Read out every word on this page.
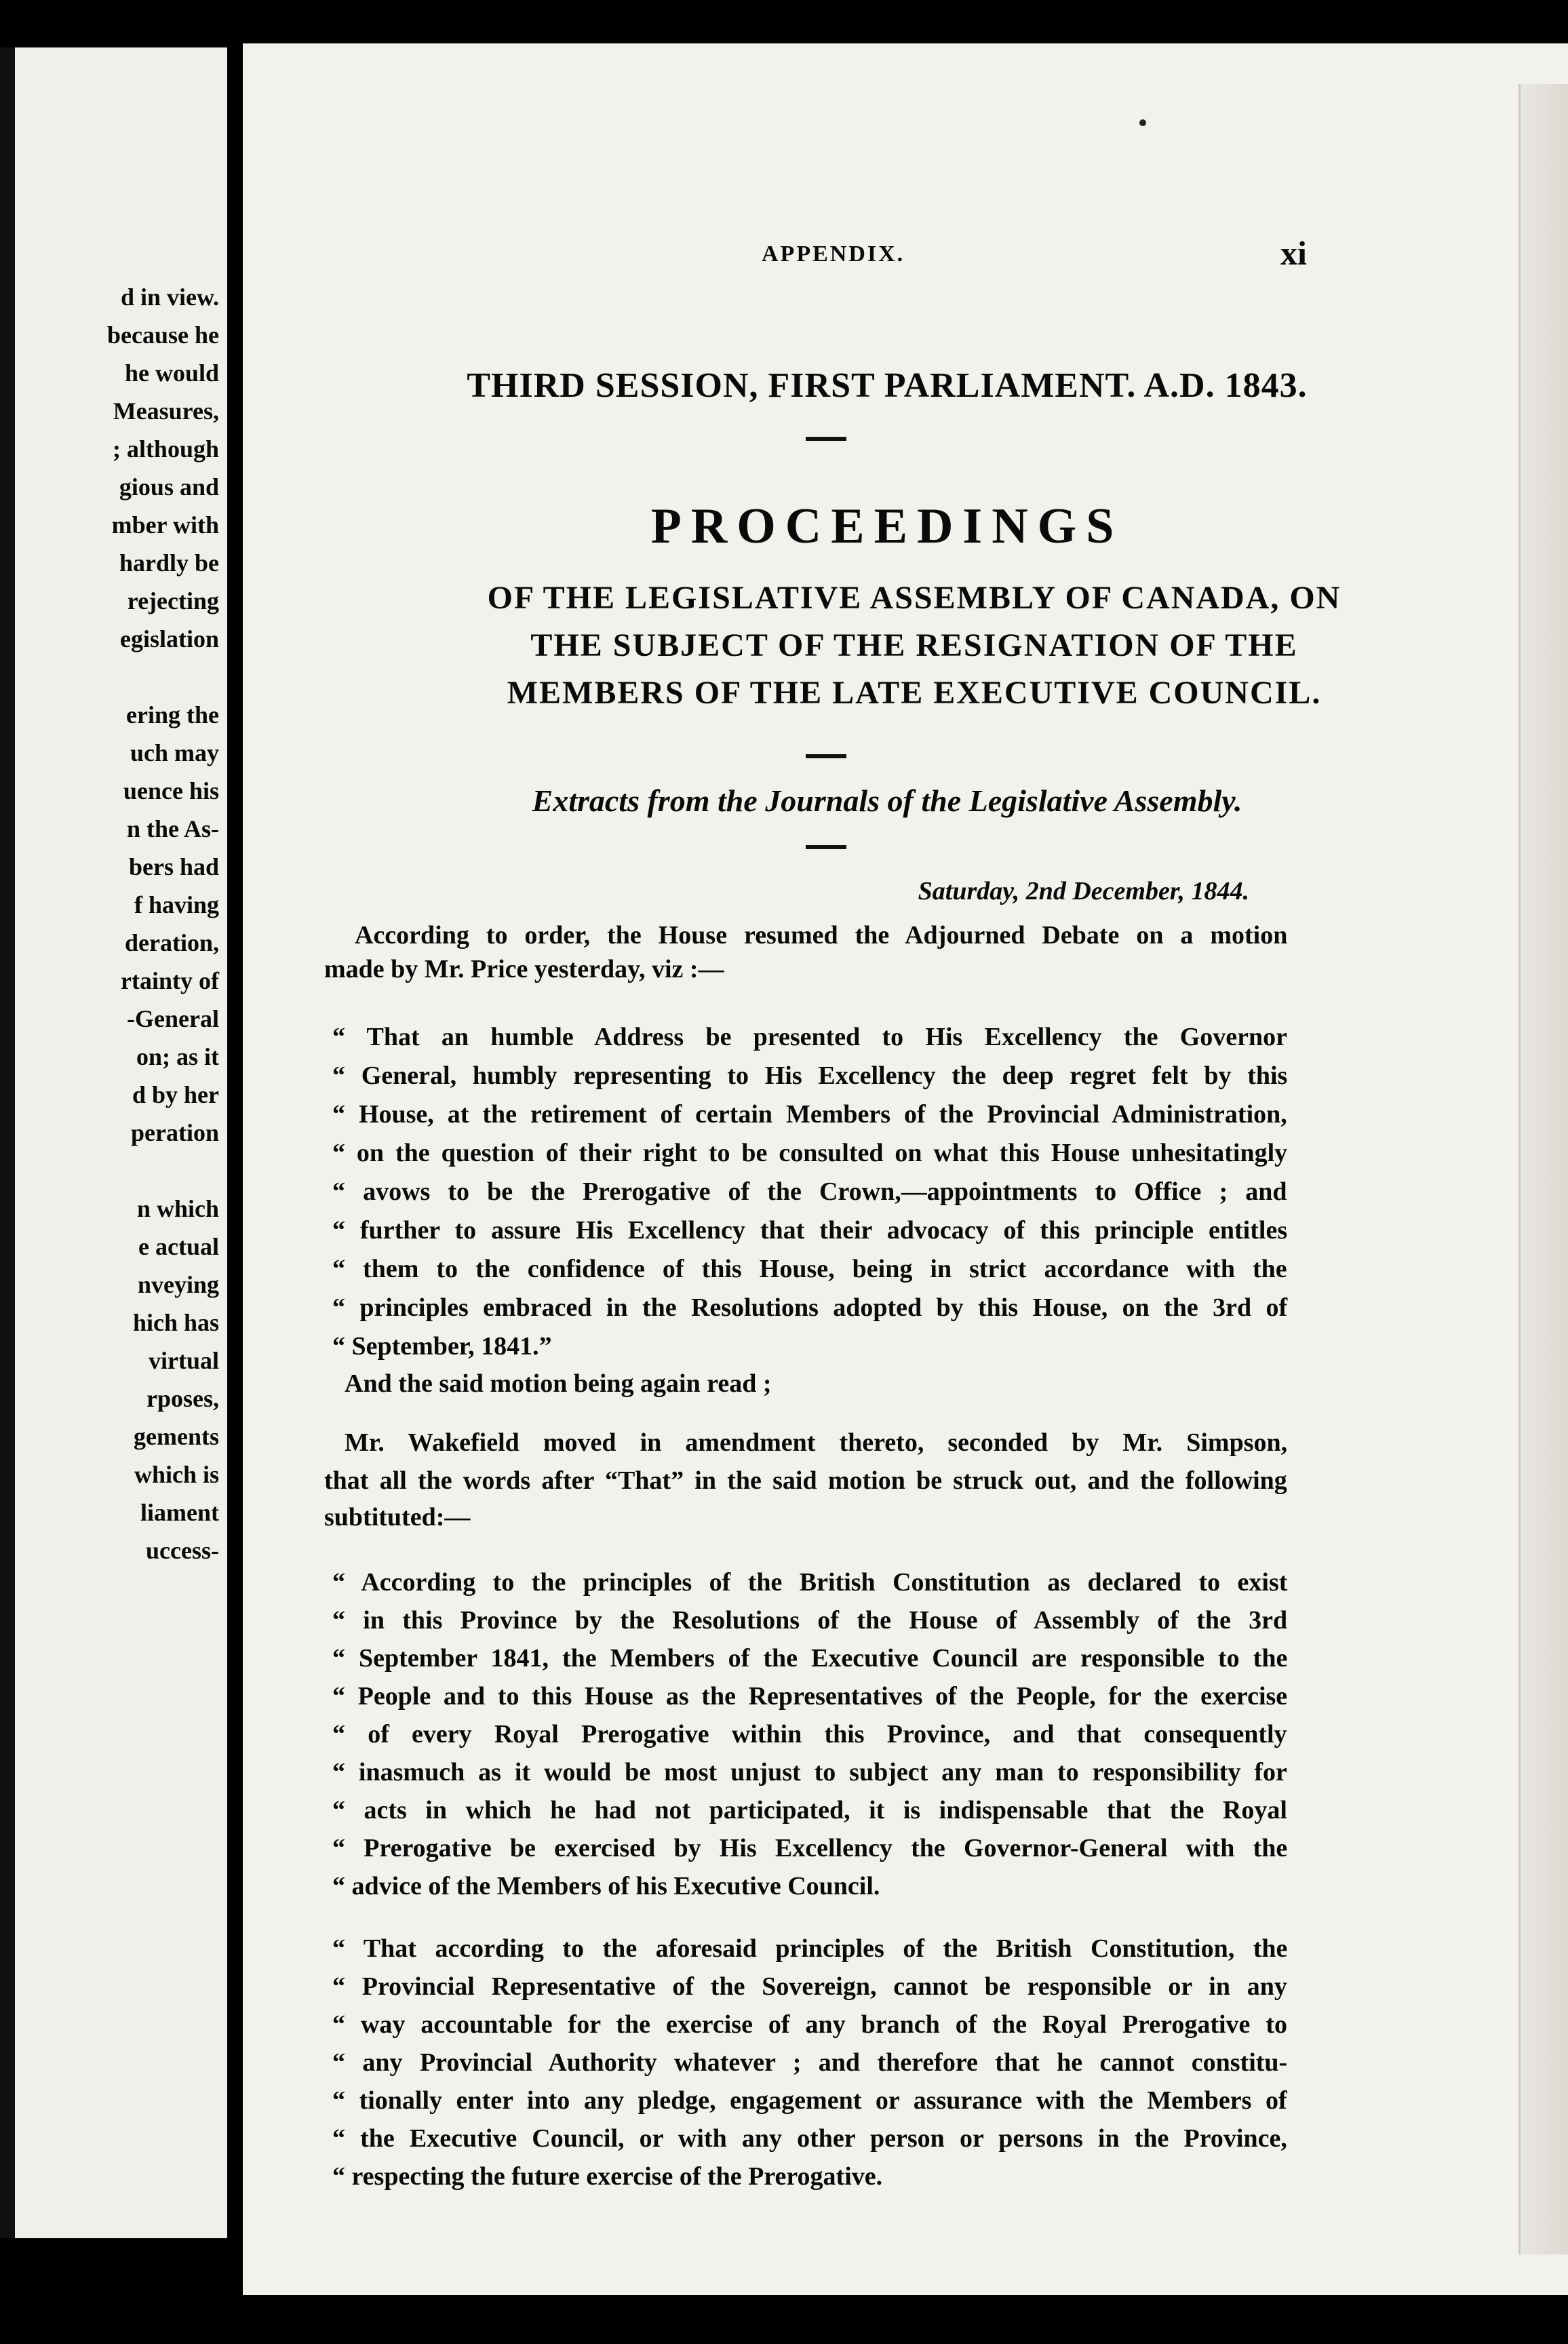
d in view.
because he
he would
Measures,
; although
gious and
mber with
hardly be
rejecting
egislation
ering the
uch may
uence his
n the As-
bers had
f having
deration,
rtainty of
-General
on; as it
d by her
peration
n which
e actual
nveying
hich has
virtual
rposes,
gements
which is
liament
uccess-
APPENDIX.	xi
THIRD SESSION, FIRST PARLIAMENT. A.D. 1843.
PROCEEDINGS
OF THE LEGISLATIVE ASSEMBLY OF CANADA, ON
THE SUBJECT OF THE RESIGNATION OF THE
MEMBERS OF THE LATE EXECUTIVE COUNCIL.
Extracts from the Journals of the Legislative Assembly.
Saturday, 2nd December, 1844.
According to order, the House resumed the Adjourned Debate on a motion
made by Mr. Price yesterday, viz :—
“ That an humble Address be presented to His Excellency the Governor
“ General, humbly representing to His Excellency the deep regret felt by this
“ House, at the retirement of certain Members of the Provincial Administration,
“ on the question of their right to be consulted on what this House unhesitatingly
“ avows to be the Prerogative of the Crown,—appointments to Office ; and
“ further to assure His Excellency that their advocacy of this principle entitles
“ them to the confidence of this House, being in strict accordance with the
“ principles embraced in the Resolutions adopted by this House, on the 3rd of
“ September, 1841.”
And the said motion being again read ;
Mr. Wakefield moved in amendment thereto, seconded by Mr. Simpson,
that all the words after “That” in the said motion be struck out, and the following
subtituted:—
“ According to the principles of the British Constitution as declared to exist
“ in this Province by the Resolutions of the House of Assembly of the 3rd
“ September 1841, the Members of the Executive Council are responsible to the
“ People and to this House as the Representatives of the People, for the exercise
“ of every Royal Prerogative within this Province, and that consequently
“ inasmuch as it would be most unjust to subject any man to responsibility for
“ acts in which he had not participated, it is indispensable that the Royal
“ Prerogative be exercised by His Excellency the Governor-General with the
“ advice of the Members of his Executive Council.
“ That according to the aforesaid principles of the British Constitution, the
“ Provincial Representative of the Sovereign, cannot be responsible or in any
“ way accountable for the exercise of any branch of the Royal Prerogative to
“ any Provincial Authority whatever ; and therefore that he cannot constitu-
“ tionally enter into any pledge, engagement or assurance with the Members of
“ the Executive Council, or with any other person or persons in the Province,
“ respecting the future exercise of the Prerogative.
